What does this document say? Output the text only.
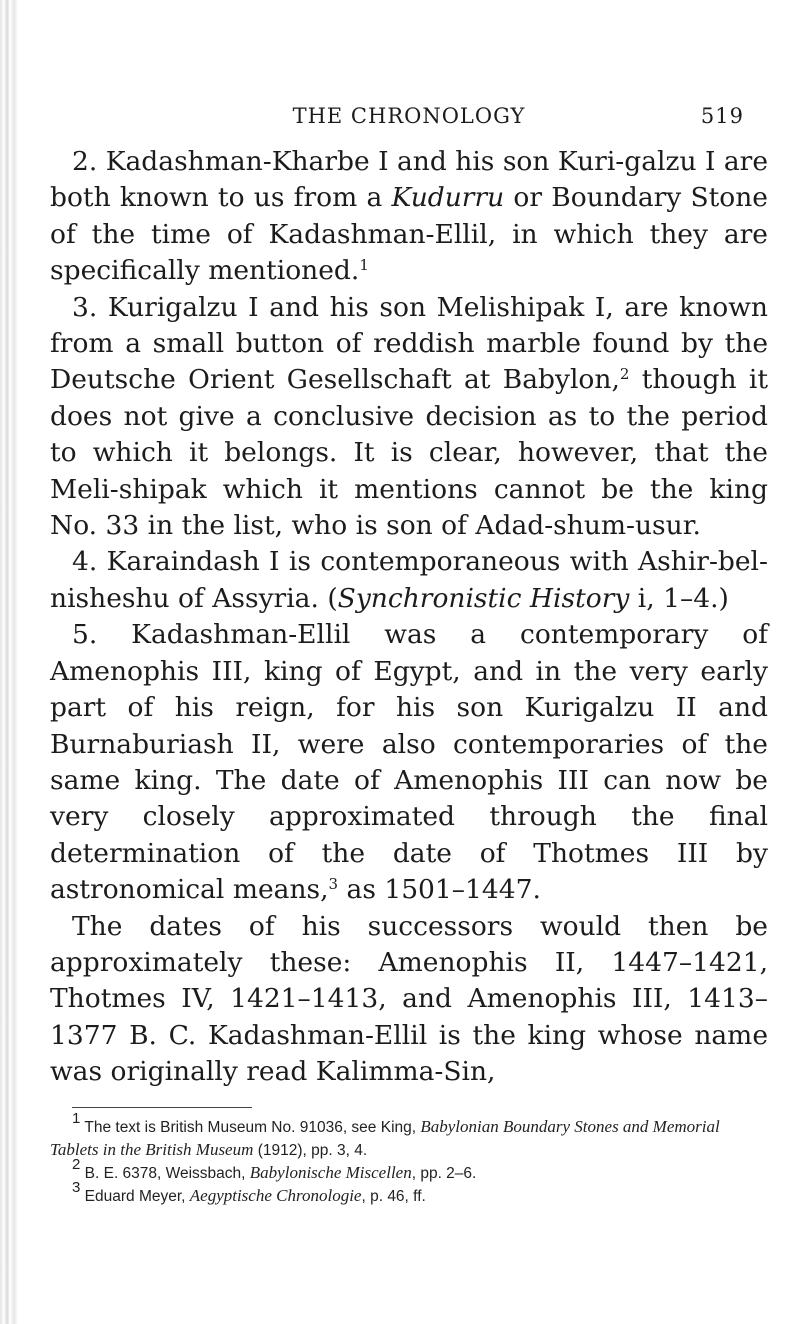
THE CHRONOLOGY	519

2. Kadashman-Kharbe I and his son Kuri-galzu I are both known to us from a Kudurru or Boundary Stone of the time of Kadashman-Ellil, in which they are specifically mentioned.$^1$

3. Kurigalzu I and his son Melishipak I, are known from a small button of reddish marble found by the Deutsche Orient Gesellschaft at Babylon,$^2$ though it does not give a conclusive decision as to the period to which it belongs. It is clear, however, that the Meli-shipak which it mentions cannot be the king No. 33 in the list, who is son of Adad-shum-usur.

4. Karaindash I is contemporaneous with Ashir-bel-nisheshu of Assyria. (Synchronistic History i, 1–4.)

5. Kadashman-Ellil was a contemporary of Amenophis III, king of Egypt, and in the very early part of his reign, for his son Kurigalzu II and Burnaburiash II, were also contemporaries of the same king. The date of Amenophis III can now be very closely approximated through the final determination of the date of Thotmes III by astronomical means,$^3$ as 1501–1447.

The dates of his successors would then be approximately these: Amenophis II, 1447–1421, Thotmes IV, 1421–1413, and Amenophis III, 1413–1377 B. C. Kadashman-Ellil is the king whose name was originally read Kalimma-Sin,

$^1$ The text is British Museum No. 91036, see King, Babylonian Boundary Stones and Memorial Tablets in the British Museum (1912), pp. 3, 4.

$^2$ B. E. 6378, Weissbach, Babylonische Miscellen, pp. 2–6.

$^3$ Eduard Meyer, Aegyptische Chronologie, p. 46, ff.
